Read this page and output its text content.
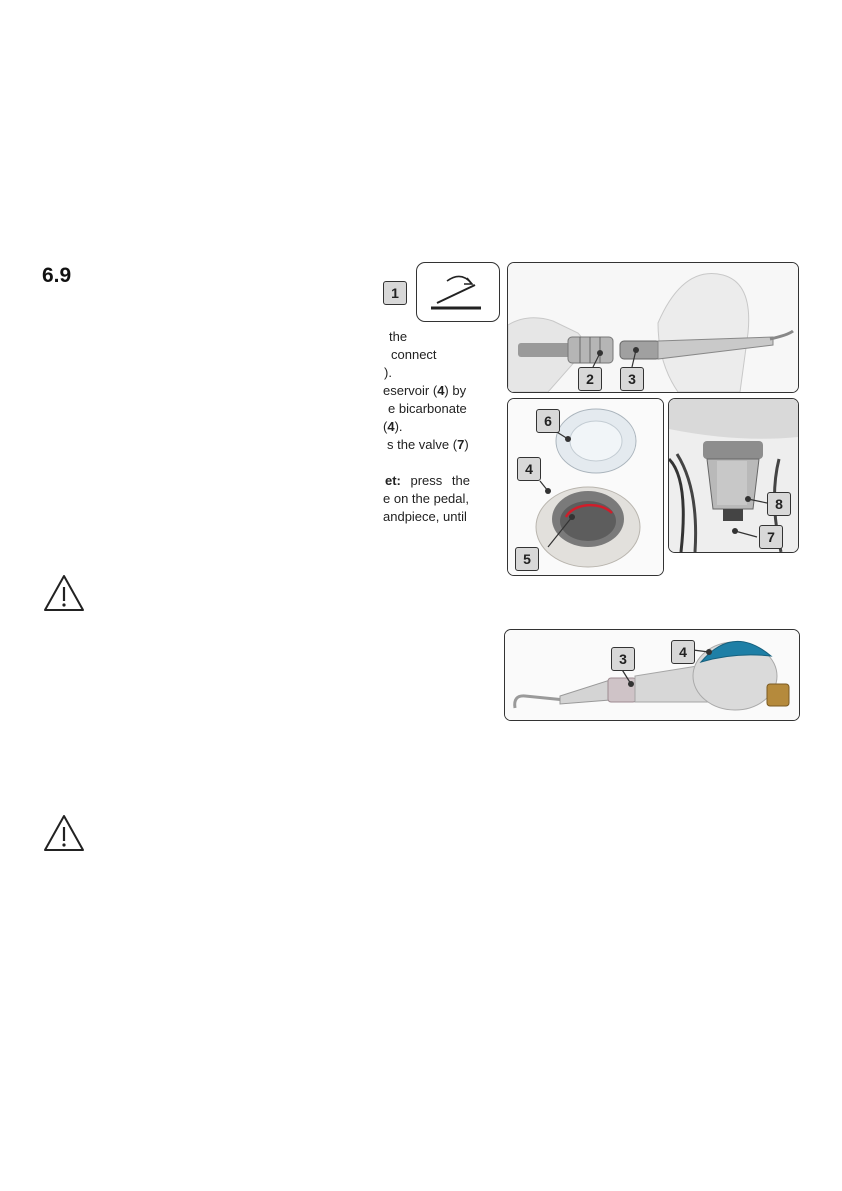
6.9
1
the
connect
).
eservoir (4) by
e bicarbonate
(4).
s the valve (7)
et: press the
e on the pedal,
andpiece, until
2	3
6
4
5
8
7
3	4
